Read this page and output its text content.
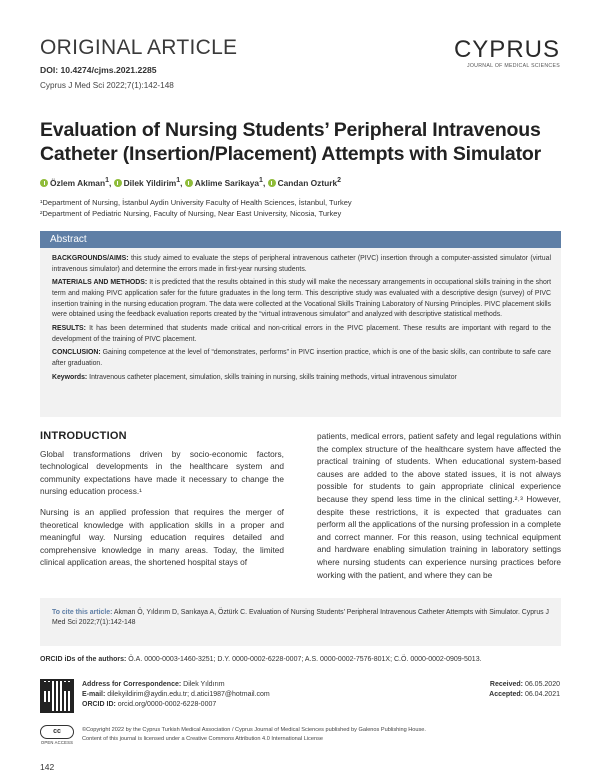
ORIGINAL ARTICLE
DOI: 10.4274/cjms.2021.2285
Cyprus J Med Sci 2022;7(1):142-148
CYPRUS
JOURNAL OF MEDICAL SCIENCES
Evaluation of Nursing Students’ Peripheral Intravenous
Catheter (Insertion/Placement) Attempts with Simulator
Özlem Akman$^1$, Dilek Yildirim$^1$, Aklime Sarikaya$^1$, Candan Ozturk$^2$
¹Department of Nursing, İstanbul Aydin University Faculty of Health Sciences, İstanbul, Turkey
²Department of Pediatric Nursing, Faculty of Nursing, Near East University, Nicosia, Turkey
Abstract

BACKGROUNDS/AIMS: this study aimed to evaluate the steps of peripheral intravenous catheter (PIVC) insertion through a computer-assisted simulator (virtual intravenous simulator) and determine the errors made in first-year nursing students.

MATERIALS AND METHODS: It is predicted that the results obtained in this study will make the necessary arrangements in occupational skills training in the short term and making PIVC application safer for the future graduates in the long term. This descriptive study was evaluated with a descriptive design (survey) of PIVC insertion training in the nursing education program. The data were collected at the Vocational Skills Training Laboratory of Nursing Principles. PIVC placement skills were obtained using the feedback evaluation reports created by the “virtual intravenous simulator” and analyzed with descriptive statistical methods.

RESULTS: It has been determined that students made critical and non-critical errors in the PIVC placement. These results are important with regard to the development of the training of PIVC placement.

CONCLUSION: Gaining competence at the level of “demonstrates, performs” in PIVC insertion practice, which is one of the basic skills, can contribute to safe care after graduation.

Keywords: Intravenous catheter placement, simulation, skills training in nursing, skills training methods, virtual intravenous simulator

INTRODUCTION

Global transformations driven by socio-economic factors, technological developments in the healthcare system and community expectations have made it necessary to change the nursing education process.¹

Nursing is an applied profession that requires the merger of theoretical knowledge with application skills in a proper and meaningful way. Nursing education requires detailed and comprehensive knowledge in many areas. Today, the limited clinical application areas, the shortened hospital stays of

patients, medical errors, patient safety and legal regulations within the complex structure of the healthcare system have affected the practical training of students. When educational system-based causes are added to the above stated issues, it is not always possible for students to gain appropriate clinical experience because they spend less time in the clinical setting.²˒³ However, despite these restrictions, it is expected that graduates can perform all the applications of the nursing profession in a complete and correct manner. For this reason, using technical equipment and hardware enabling simulation training in laboratory settings where nursing students can experience nursing practices before working with the patient, and where they can be

To cite this article: Akman Ö, Yıldırım D, Sarıkaya A, Öztürk C. Evaluation of Nursing Students’ Peripheral Intravenous Catheter Attempts with Simulator. Cyprus J Med Sci 2022;7(1):142-148
ORCID iDs of the authors: Ö.A. 0000-0003-1460-3251; D.Y. 0000-0002-6228-0007; A.S. 0000-0002-7576-801X; C.Ö. 0000-0002-0909-5013.
Address for Correspondence: Dilek Yıldırım
E-mail: dilekyildirim@aydin.edu.tr; d.atici1987@hotmail.com
ORCID ID: orcid.org/0000-0002-6228-0007
Received: 06.05.2020
Accepted: 06.04.2021
cc
OPEN ACCESS
©Copyright 2022 by the Cyprus Turkish Medical Association / Cyprus Journal of Medical Sciences published by Galenos Publishing House.
Content of this journal is licensed under a Creative Commons Attribution 4.0 International License
142
